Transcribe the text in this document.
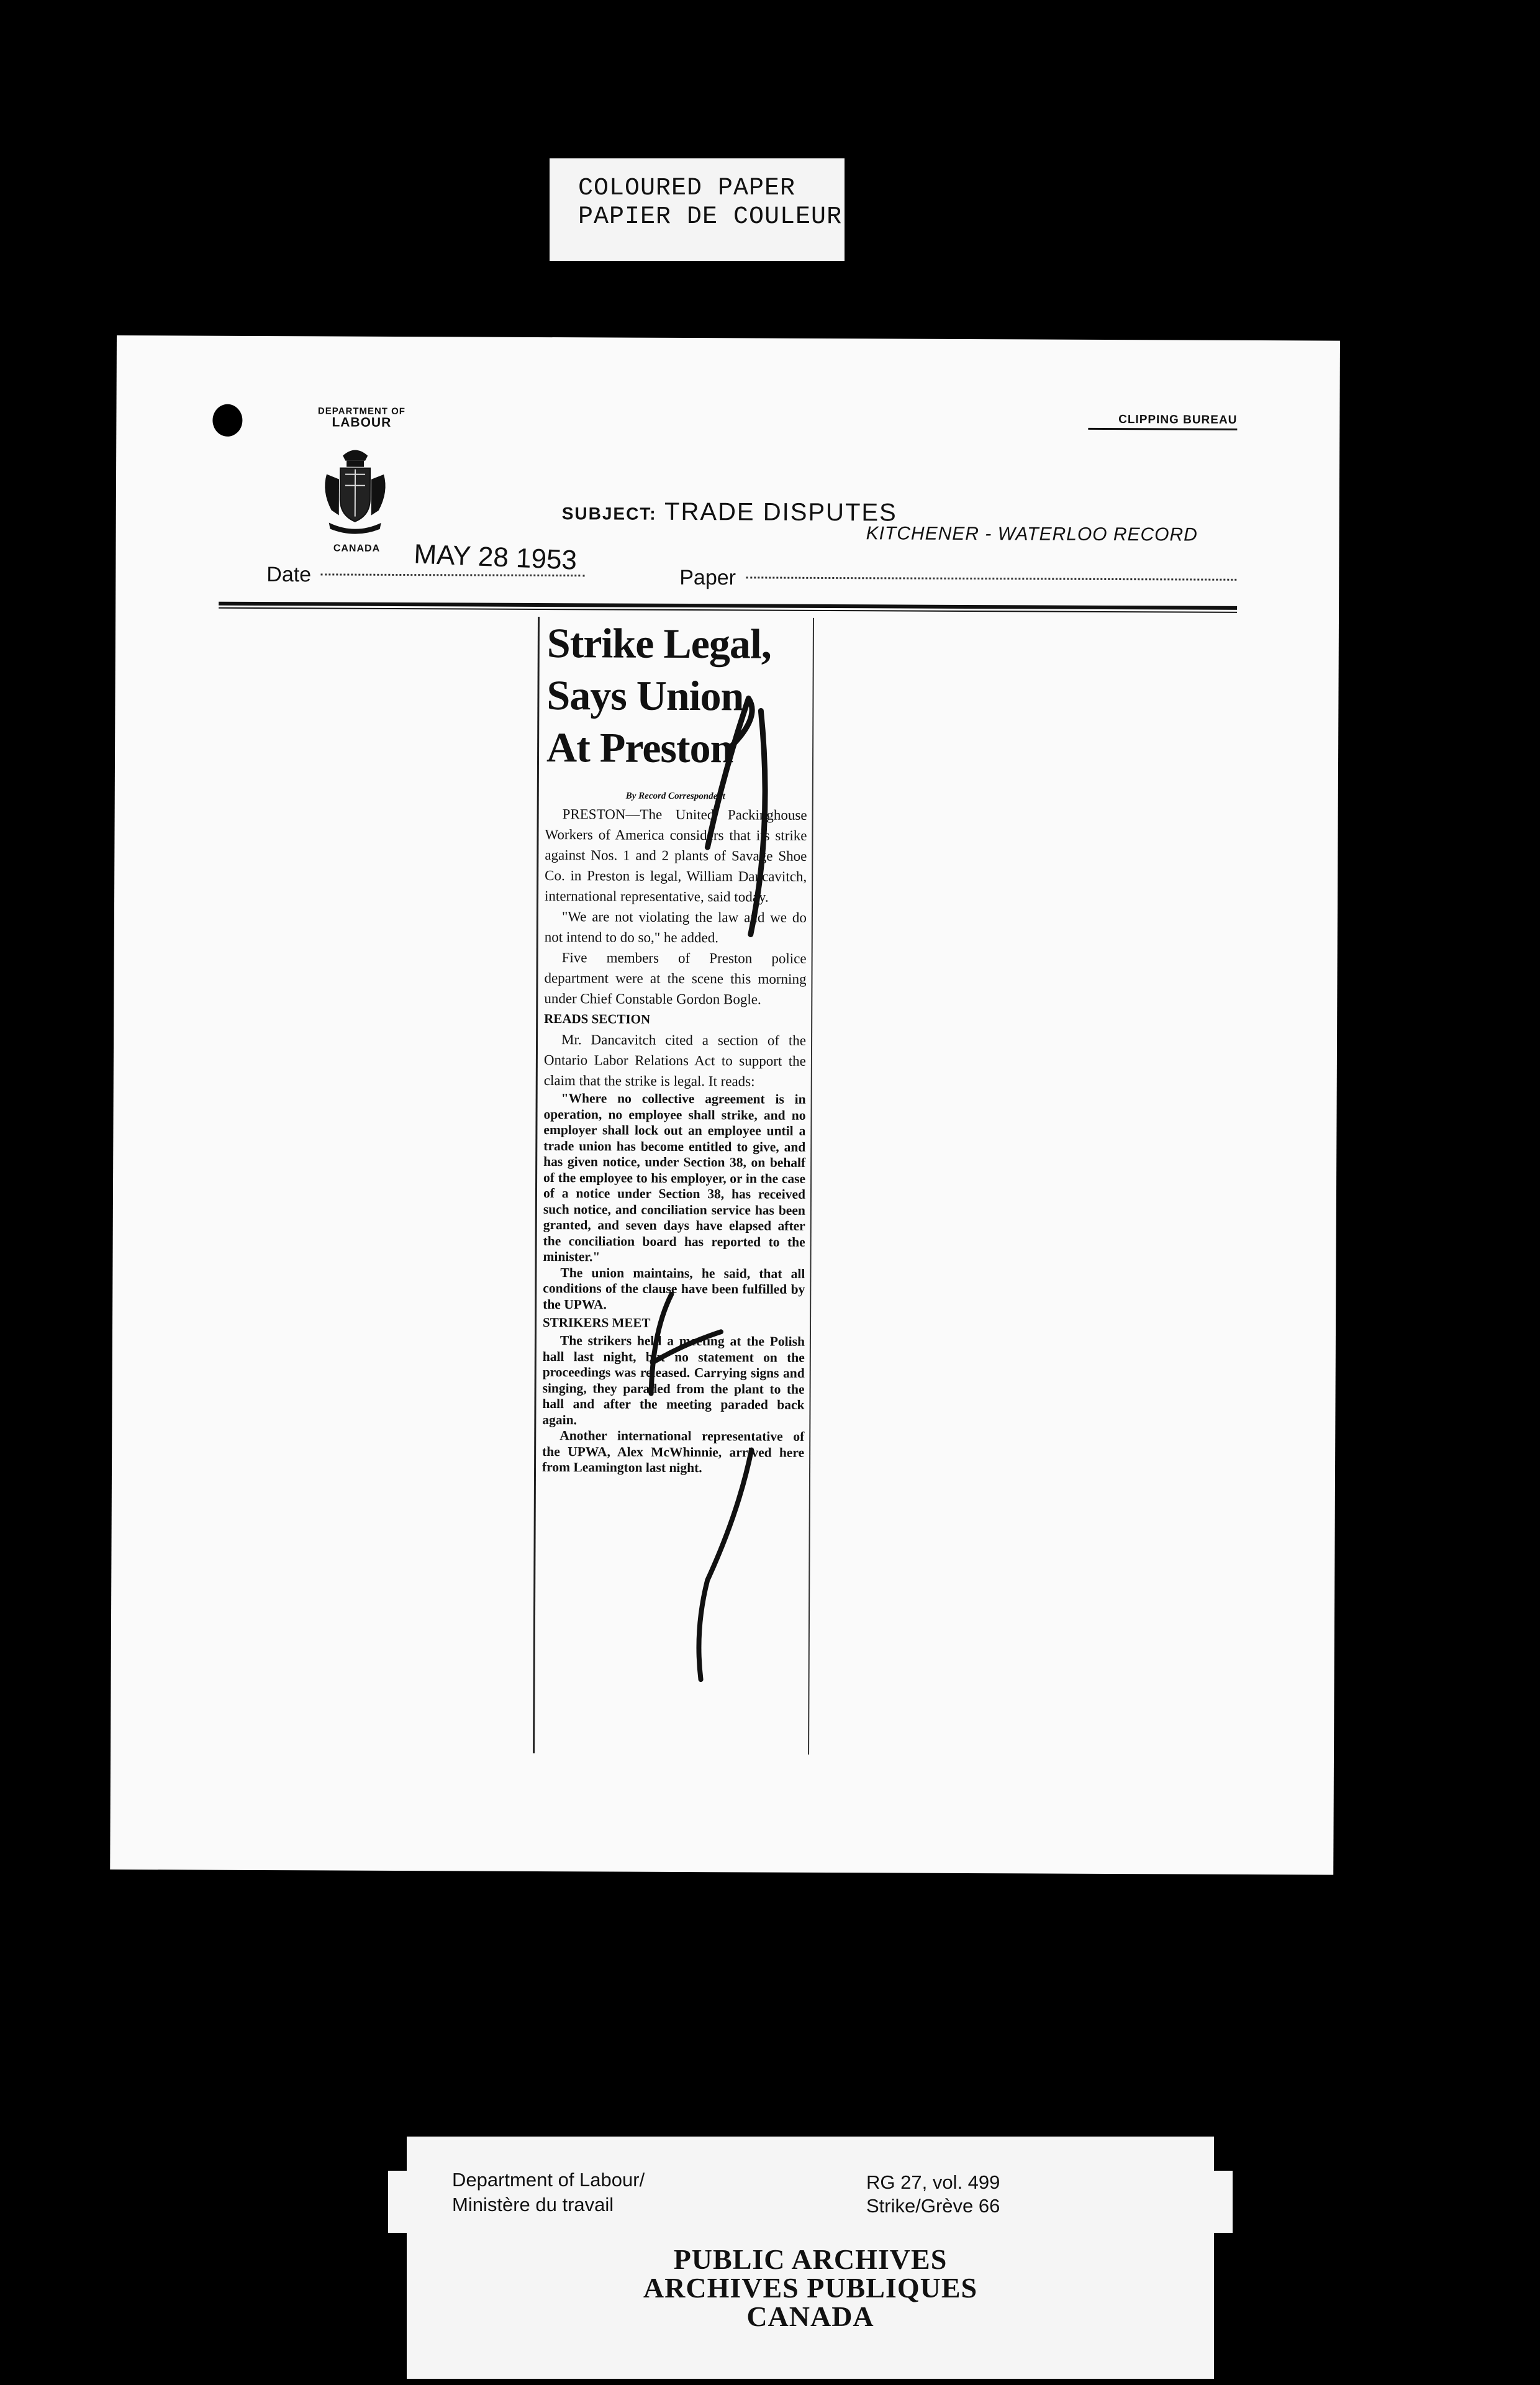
COLOURED PAPER
PAPIER DE COULEUR
DEPARTMENT OF
LABOUR
CANADA
CLIPPING BUREAU
SUBJECT: TRADE DISPUTES
KITCHENER - WATERLOO RECORD
Date	MAY 28 1953
Paper
Strike Legal,
Says Union
At Preston
By Record Correspondent

PRESTON—The United Packinghouse Workers of America considers that its strike against Nos. 1 and 2 plants of Savage Shoe Co. in Preston is legal, William Dancavitch, international representative, said today.

"We are not violating the law and we do not intend to do so," he added.

Five members of Preston police department were at the scene this morning under Chief Constable Gordon Bogle.

READS SECTION

Mr. Dancavitch cited a section of the Ontario Labor Relations Act to support the claim that the strike is legal. It reads:

"Where no collective agreement is in operation, no employee shall strike, and no employer shall lock out an employee until a trade union has become entitled to give, and has given notice, under Section 38, on behalf of the employee to his employer, or in the case of a notice under Section 38, has received such notice, and conciliation service has been granted, and seven days have elapsed after the conciliation board has reported to the minister."

The union maintains, he said, that all conditions of the clause have been fulfilled by the UPWA.

STRIKERS MEET

The strikers held a meeting at the Polish hall last night, but no statement on the proceedings was released. Carrying signs and singing, they paraded from the plant to the hall and after the meeting paraded back again.

Another international representative of the UPWA, Alex McWhinnie, arrived here from Leamington last night.

Department of Labour/
Ministère du travail
RG 27, vol. 499
Strike/Grève 66
PUBLIC ARCHIVES
ARCHIVES PUBLIQUES
CANADA
